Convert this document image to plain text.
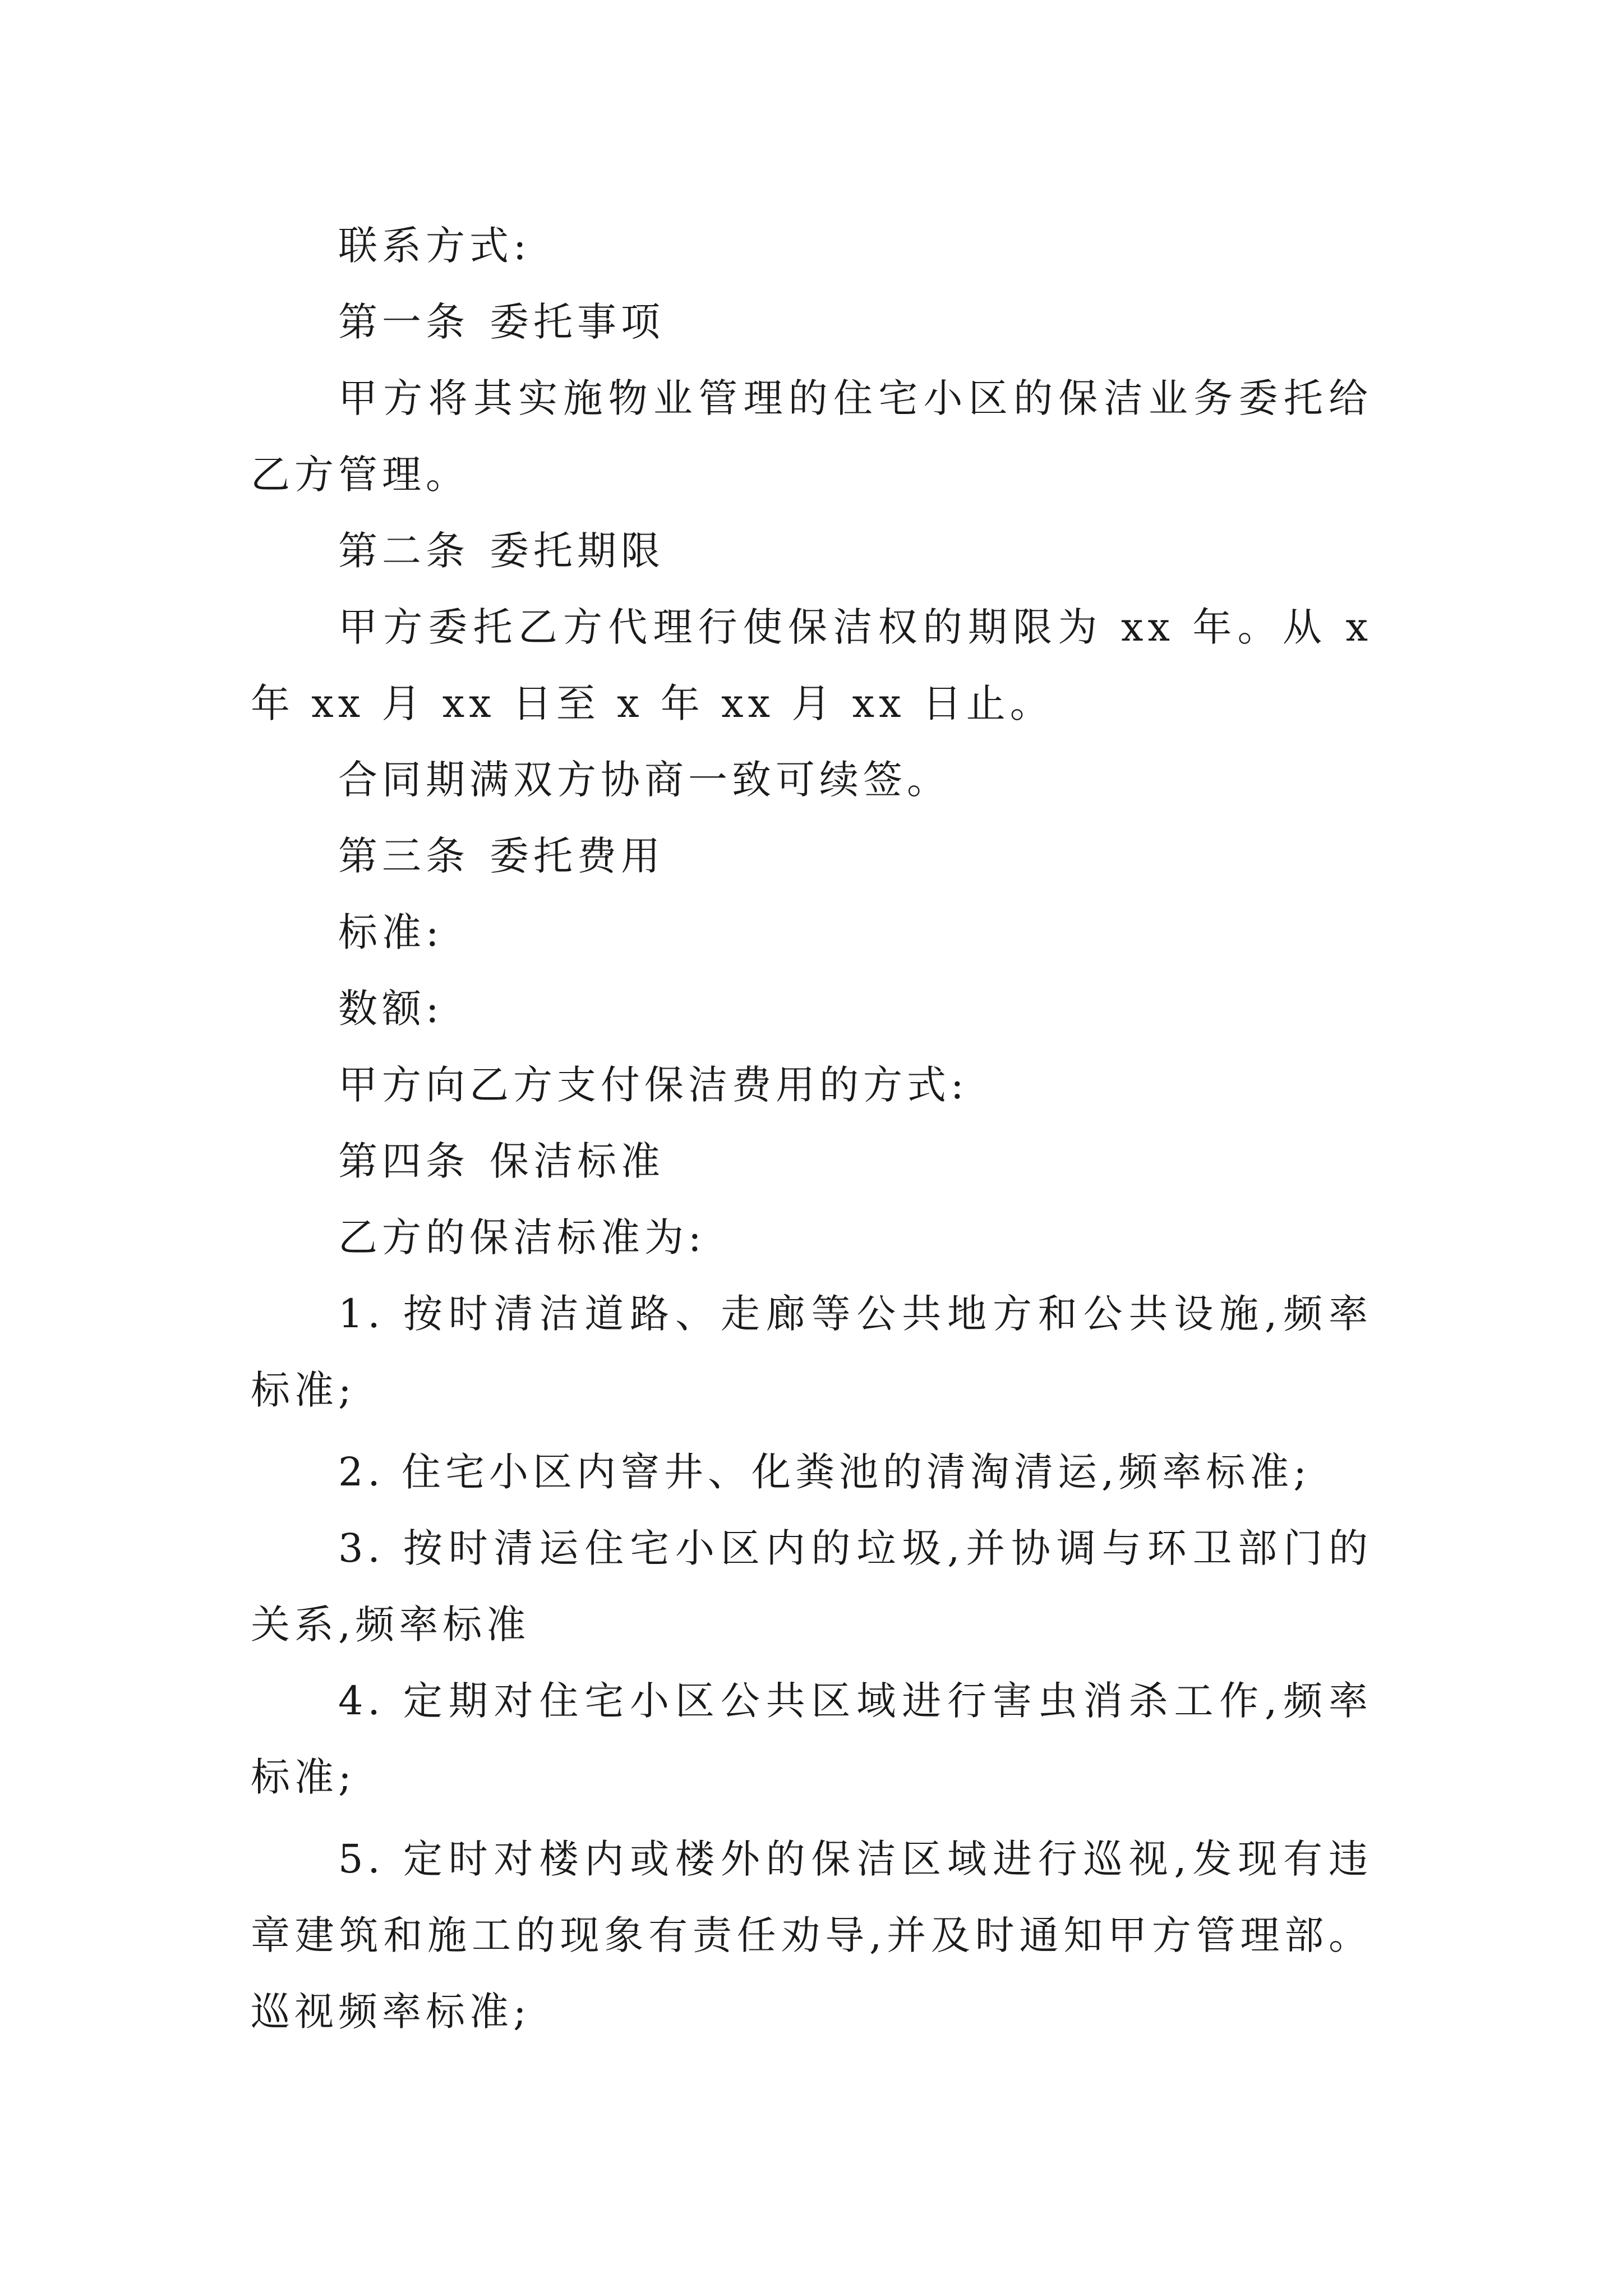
联系方式:

第一条 委托事项

甲方将其实施物业管理的住宅小区的保洁业务委托给乙方管理。

第二条 委托期限

甲方委托乙方代理行使保洁权的期限为 xx 年。从 x 年 xx 月 xx 日至 x 年 xx 月 xx 日止。

合同期满双方协商一致可续签。

第三条 委托费用

标准:

数额:

甲方向乙方支付保洁费用的方式:

第四条 保洁标准

乙方的保洁标准为:

1. 按时清洁道路、走廊等公共地方和公共设施,频率标准;

2. 住宅小区内窨井、化粪池的清淘清运,频率标准;

3. 按时清运住宅小区内的垃圾,并协调与环卫部门的关系,频率标准

4. 定期对住宅小区公共区域进行害虫消杀工作,频率标准;

5. 定时对楼内或楼外的保洁区域进行巡视,发现有违章建筑和施工的现象有责任劝导,并及时通知甲方管理部。巡视频率标准;
